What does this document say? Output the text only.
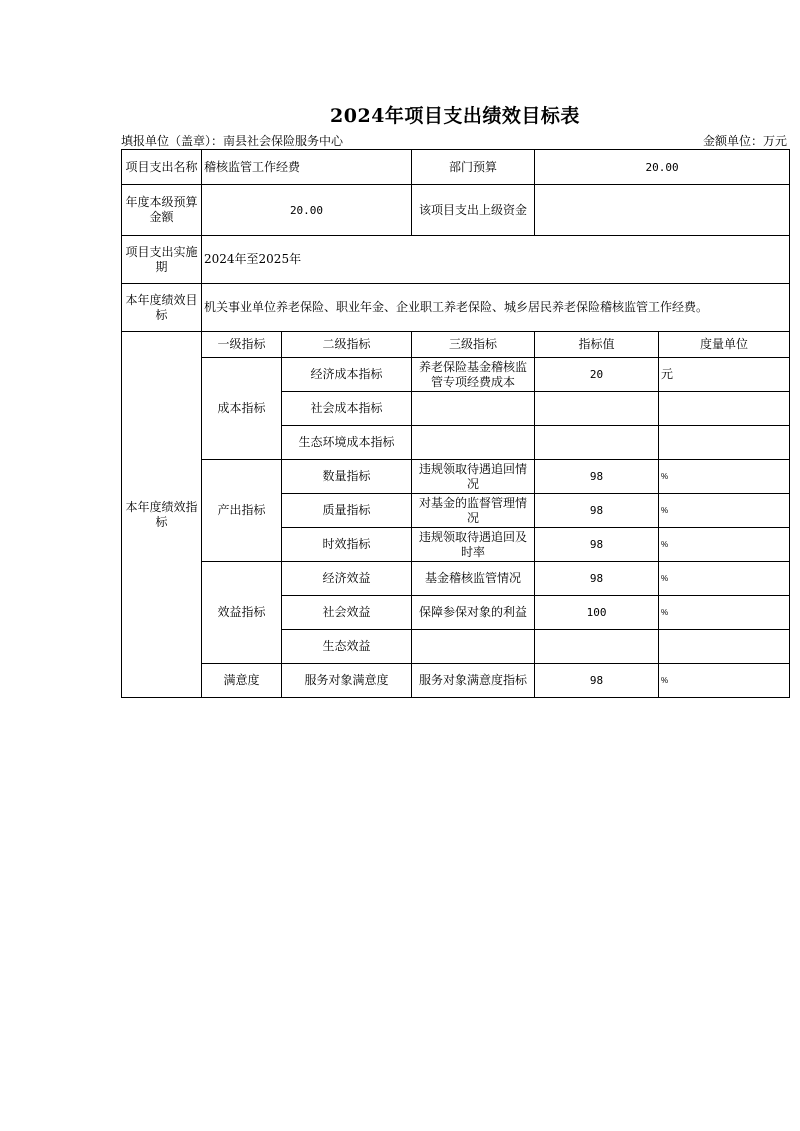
2024年项目支出绩效目标表
填报单位（盖章）：南县社会保险服务中心	金额单位：万元
项目支出名称	稽核监管工作经费		部门预算	20.00	
年度本级预算金额	20.00		该项目支出上级资金		
项目支出实施期	2024年至2025年				
本年度绩效目标	机关事业单位养老保险、职业年金、企业职工养老保险、城乡居民养老保险稽核监管工作经费。				
本年度绩效指标	一级指标	二级指标	三级指标	指标值	度量单位
	成本指标	经济成本指标	养老保险基金稽核监管专项经费成本	20	元
		社会成本指标			
		生态环境成本指标			
	产出指标	数量指标	违规领取待遇追回情况	98	%
		质量指标	对基金的监督管理情况	98	%
		时效指标	违规领取待遇追回及时率	98	%
	效益指标	经济效益	基金稽核监管情况	98	%
		社会效益	保障参保对象的利益	100	%
		生态效益			
	满意度	服务对象满意度	服务对象满意度指标	98	%
